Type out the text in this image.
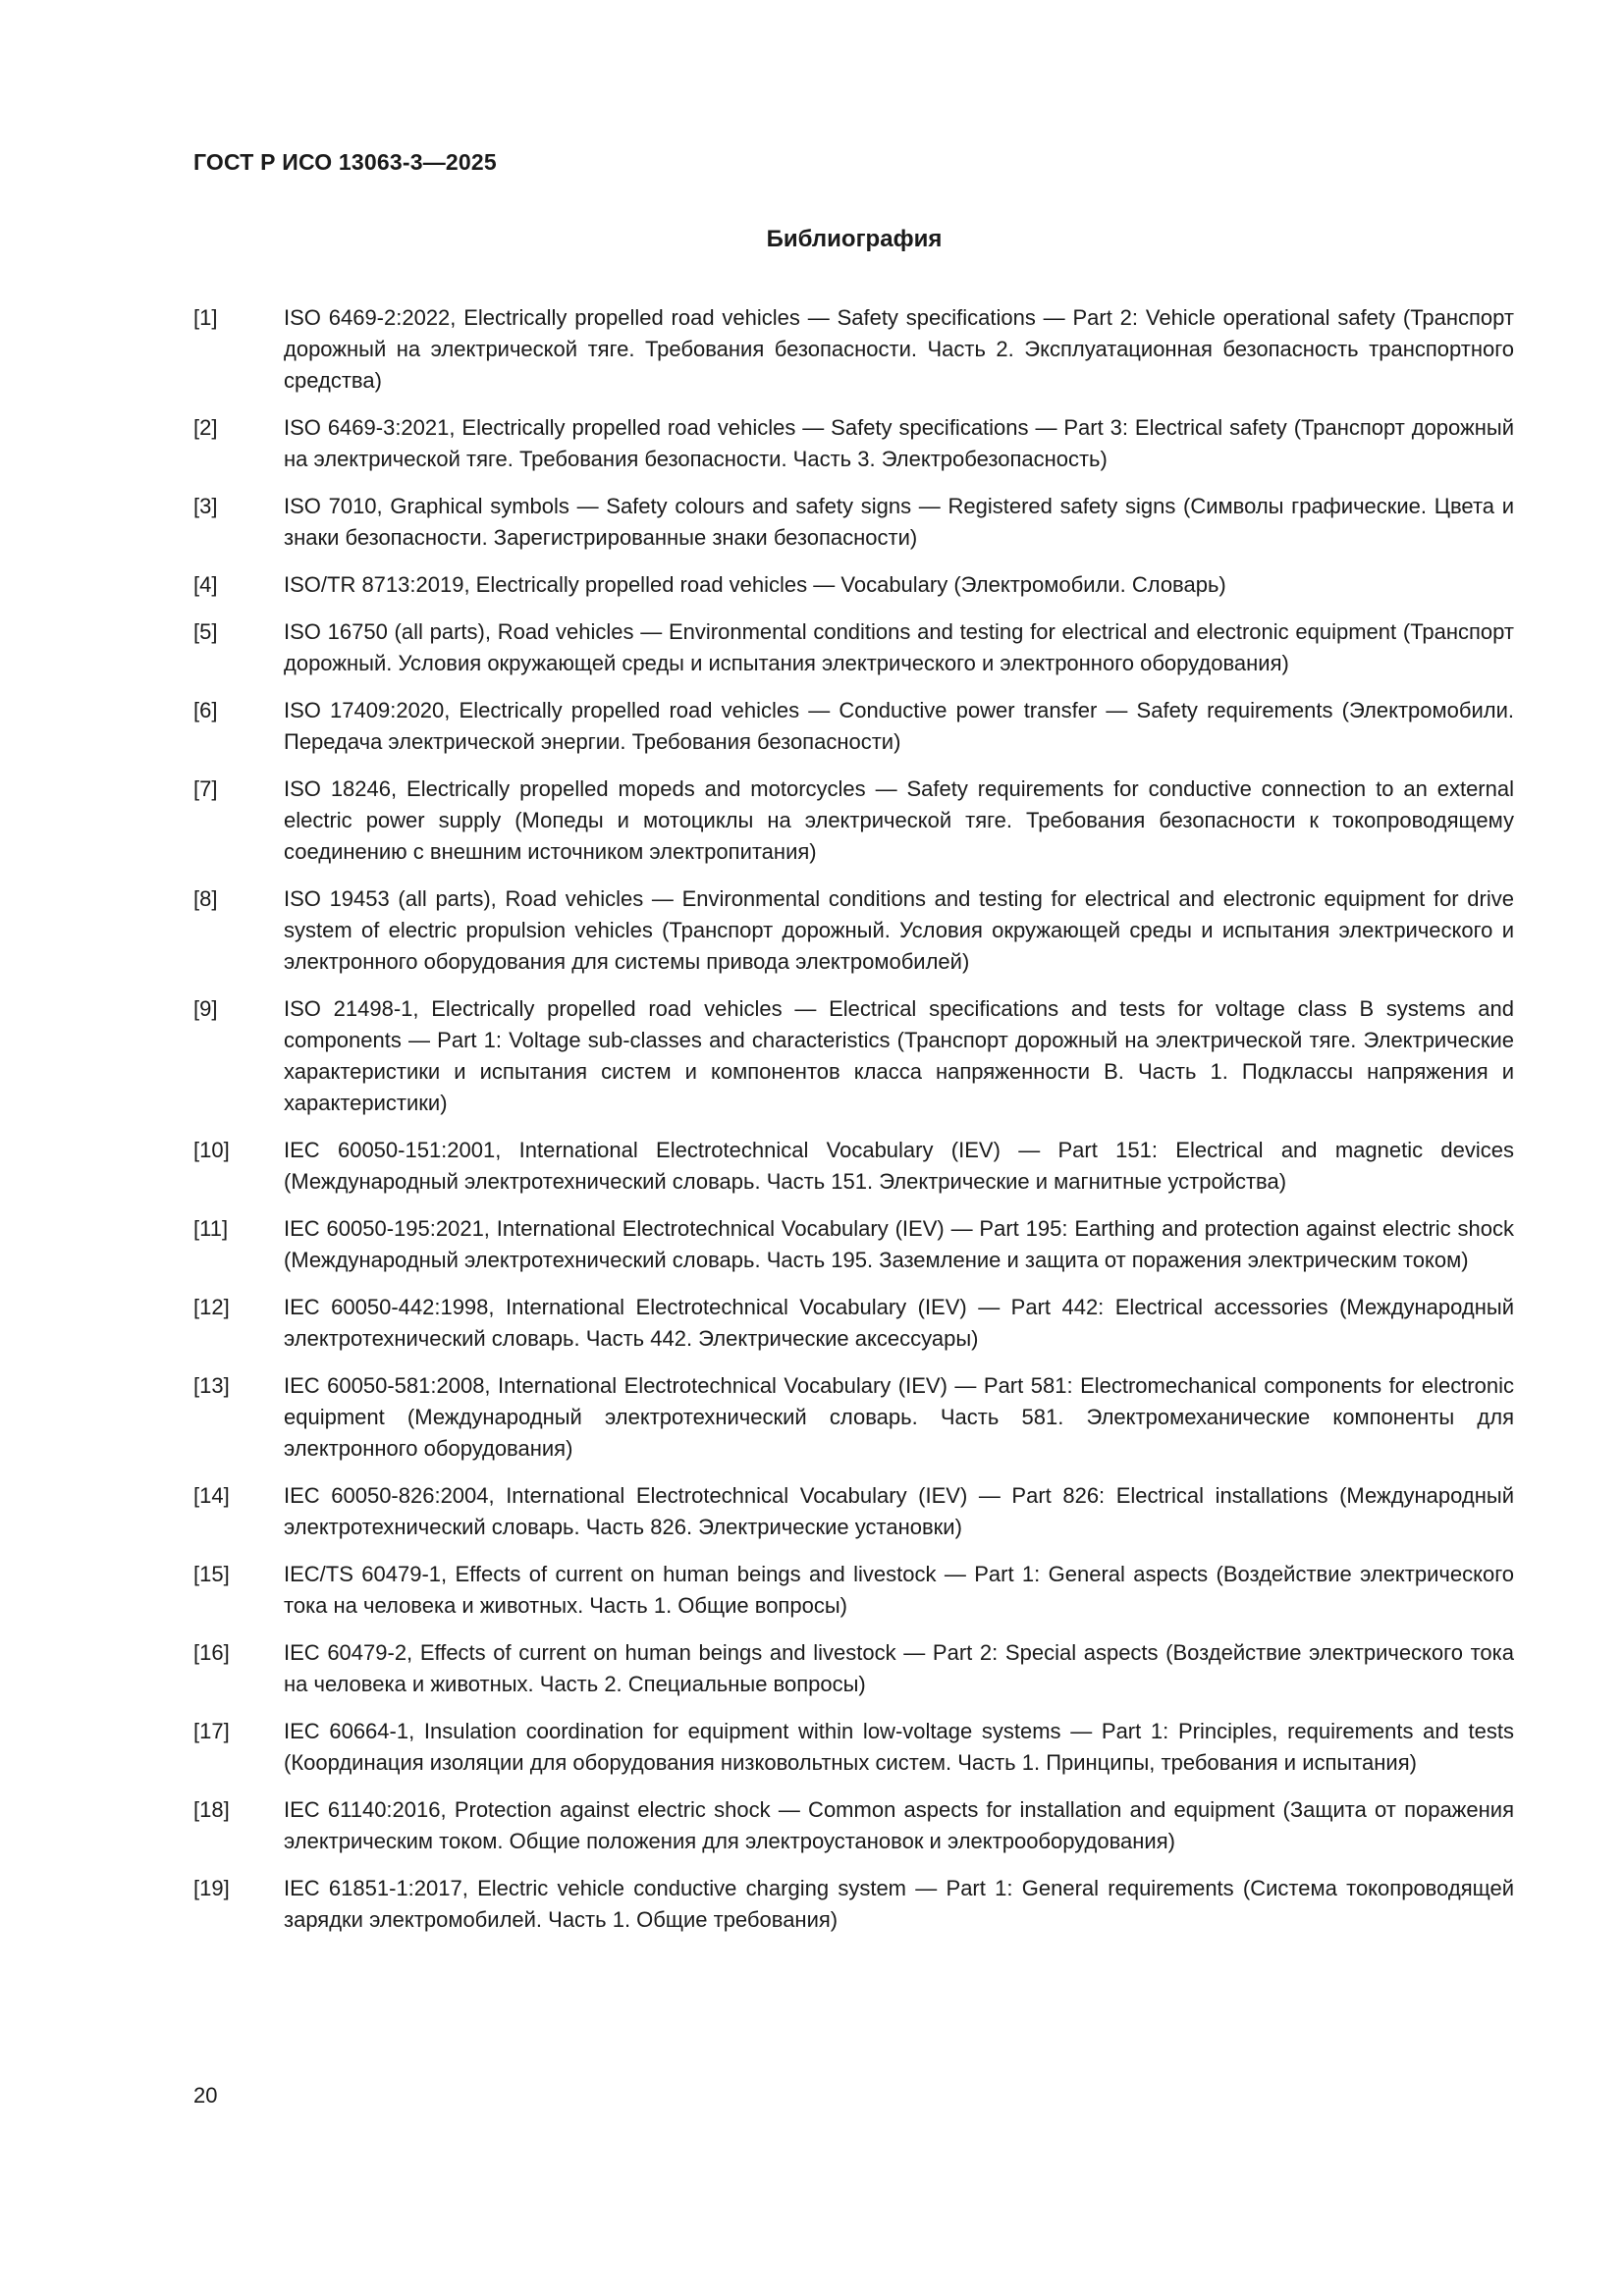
ГОСТ Р ИСО 13063-3—2025
Библиография
[1]	ISO 6469-2:2022, Electrically propelled road vehicles — Safety specifications — Part 2: Vehicle operational safety (Транспорт дорожный на электрической тяге. Требования безопасности. Часть 2. Эксплуатационная безопасность транспортного средства)
[2]	ISO 6469-3:2021, Electrically propelled road vehicles — Safety specifications — Part 3: Electrical safety (Транспорт дорожный на электрической тяге. Требования безопасности. Часть 3. Электробезопасность)
[3]	ISO 7010, Graphical symbols — Safety colours and safety signs — Registered safety signs (Символы графические. Цвета и знаки безопасности. Зарегистрированные знаки безопасности)
[4]	ISO/TR 8713:2019, Electrically propelled road vehicles — Vocabulary (Электромобили. Словарь)
[5]	ISO 16750 (all parts), Road vehicles — Environmental conditions and testing for electrical and electronic equipment (Транспорт дорожный. Условия окружающей среды и испытания электрического и электронного оборудования)
[6]	ISO 17409:2020, Electrically propelled road vehicles — Conductive power transfer — Safety requirements (Электромобили. Передача электрической энергии. Требования безопасности)
[7]	ISO 18246, Electrically propelled mopeds and motorcycles — Safety requirements for conductive connection to an external electric power supply (Мопеды и мотоциклы на электрической тяге. Требования безопасности к токопроводящему соединению с внешним источником электропитания)
[8]	ISO 19453 (all parts), Road vehicles — Environmental conditions and testing for electrical and electronic equipment for drive system of electric propulsion vehicles (Транспорт дорожный. Условия окружающей среды и испытания электрического и электронного оборудования для системы привода электромобилей)
[9]	ISO 21498-1, Electrically propelled road vehicles — Electrical specifications and tests for voltage class B systems and components — Part 1: Voltage sub-classes and characteristics (Транспорт дорожный на электрической тяге. Электрические характеристики и испытания систем и компонентов класса напряженности B. Часть 1. Подклассы напряжения и характеристики)
[10]	IEC 60050-151:2001, International Electrotechnical Vocabulary (IEV) — Part 151: Electrical and magnetic devices (Международный электротехнический словарь. Часть 151. Электрические и магнитные устройства)
[11]	IEC 60050-195:2021, International Electrotechnical Vocabulary (IEV) — Part 195: Earthing and protection against electric shock (Международный электротехнический словарь. Часть 195. Заземление и защита от поражения электрическим током)
[12]	IEC 60050-442:1998, International Electrotechnical Vocabulary (IEV) — Part 442: Electrical accessories (Международный электротехнический словарь. Часть 442. Электрические аксессуары)
[13]	IEC 60050-581:2008, International Electrotechnical Vocabulary (IEV) — Part 581: Electromechanical components for electronic equipment (Международный электротехнический словарь. Часть 581. Электромеханические компоненты для электронного оборудования)
[14]	IEC 60050-826:2004, International Electrotechnical Vocabulary (IEV) — Part 826: Electrical installations (Международный электротехнический словарь. Часть 826. Электрические установки)
[15]	IEC/TS 60479-1, Effects of current on human beings and livestock — Part 1: General aspects (Воздействие электрического тока на человека и животных. Часть 1. Общие вопросы)
[16]	IEC 60479-2, Effects of current on human beings and livestock — Part 2: Special aspects (Воздействие электрического тока на человека и животных. Часть 2. Специальные вопросы)
[17]	IEC 60664-1, Insulation coordination for equipment within low-voltage systems — Part 1: Principles, requirements and tests (Координация изоляции для оборудования низковольтных систем. Часть 1. Принципы, требования и испытания)
[18]	IEC 61140:2016, Protection against electric shock — Common aspects for installation and equipment (Защита от поражения электрическим током. Общие положения для электроустановок и электрооборудования)
[19]	IEC 61851-1:2017, Electric vehicle conductive charging system — Part 1: General requirements (Система токопроводящей зарядки электромобилей. Часть 1. Общие требования)
20
